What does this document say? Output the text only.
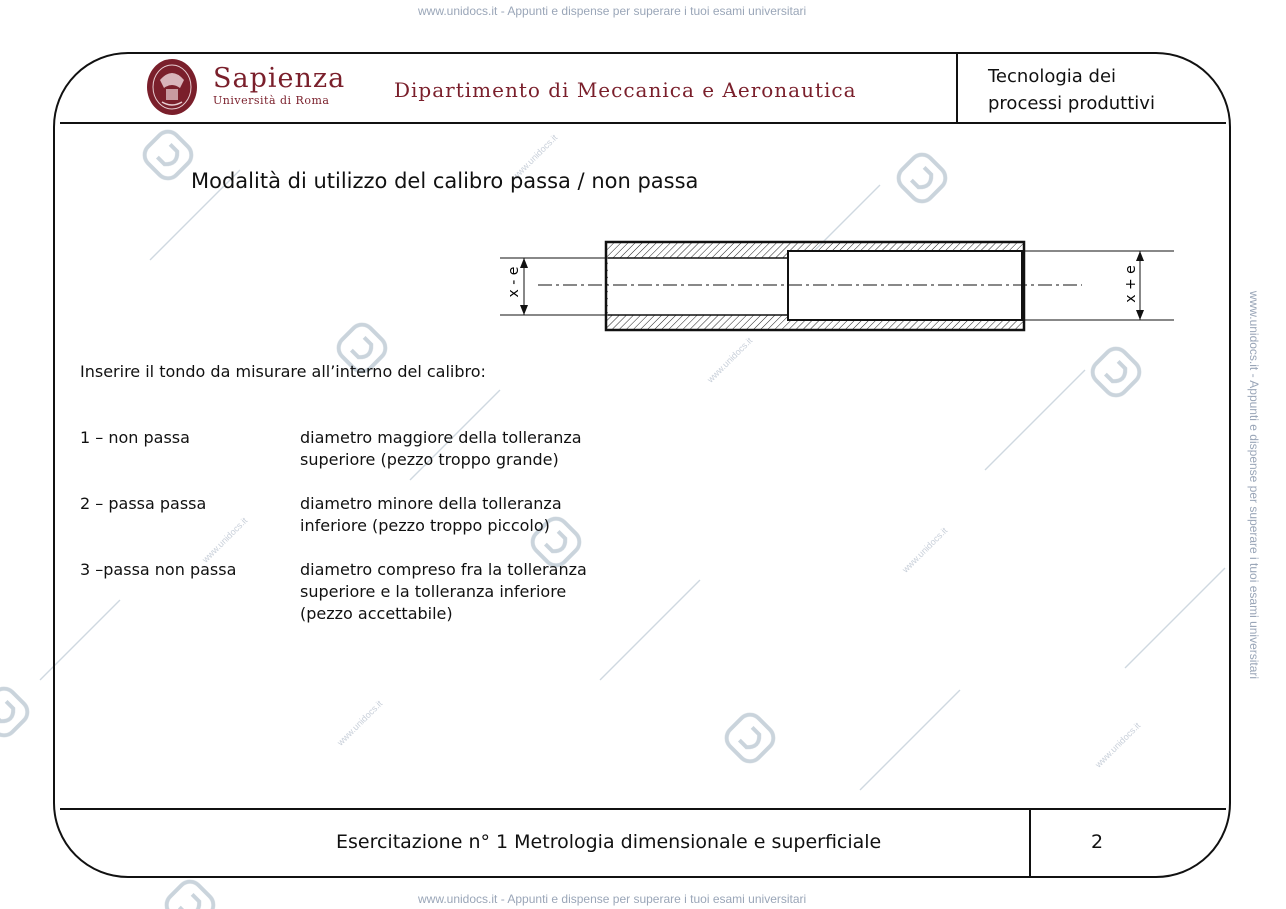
www.unidocs.it - Appunti e dispense per superare i tuoi esami universitari
www.unidocs.it - Appunti e dispense per superare i tuoi esami universitari
www.unidocs.it - Appunti e dispense per superare i tuoi esami universitari
www.unidocs.it
www.unidocs.it
www.unidocs.it
www.unidocs.it	www.unidocs.it
www.unidocs.it
Sapienza
Università di Roma	Dipartimento di Meccanica e Aeronautica
Tecnologia dei
processi produttivi
Modalità di utilizzo del calibro passa / non passa
x - e	x + e
Inserire il tondo da misurare all’interno del calibro:
1 – non passa	diametro maggiore della tolleranza
superiore (pezzo troppo grande)
2 – passa passa	diametro minore della tolleranza
inferiore (pezzo troppo piccolo)
3 –passa non passa	diametro compreso fra la tolleranza
superiore e la tolleranza inferiore
(pezzo accettabile)
Esercitazione n° 1 Metrologia dimensionale e superficiale	2
